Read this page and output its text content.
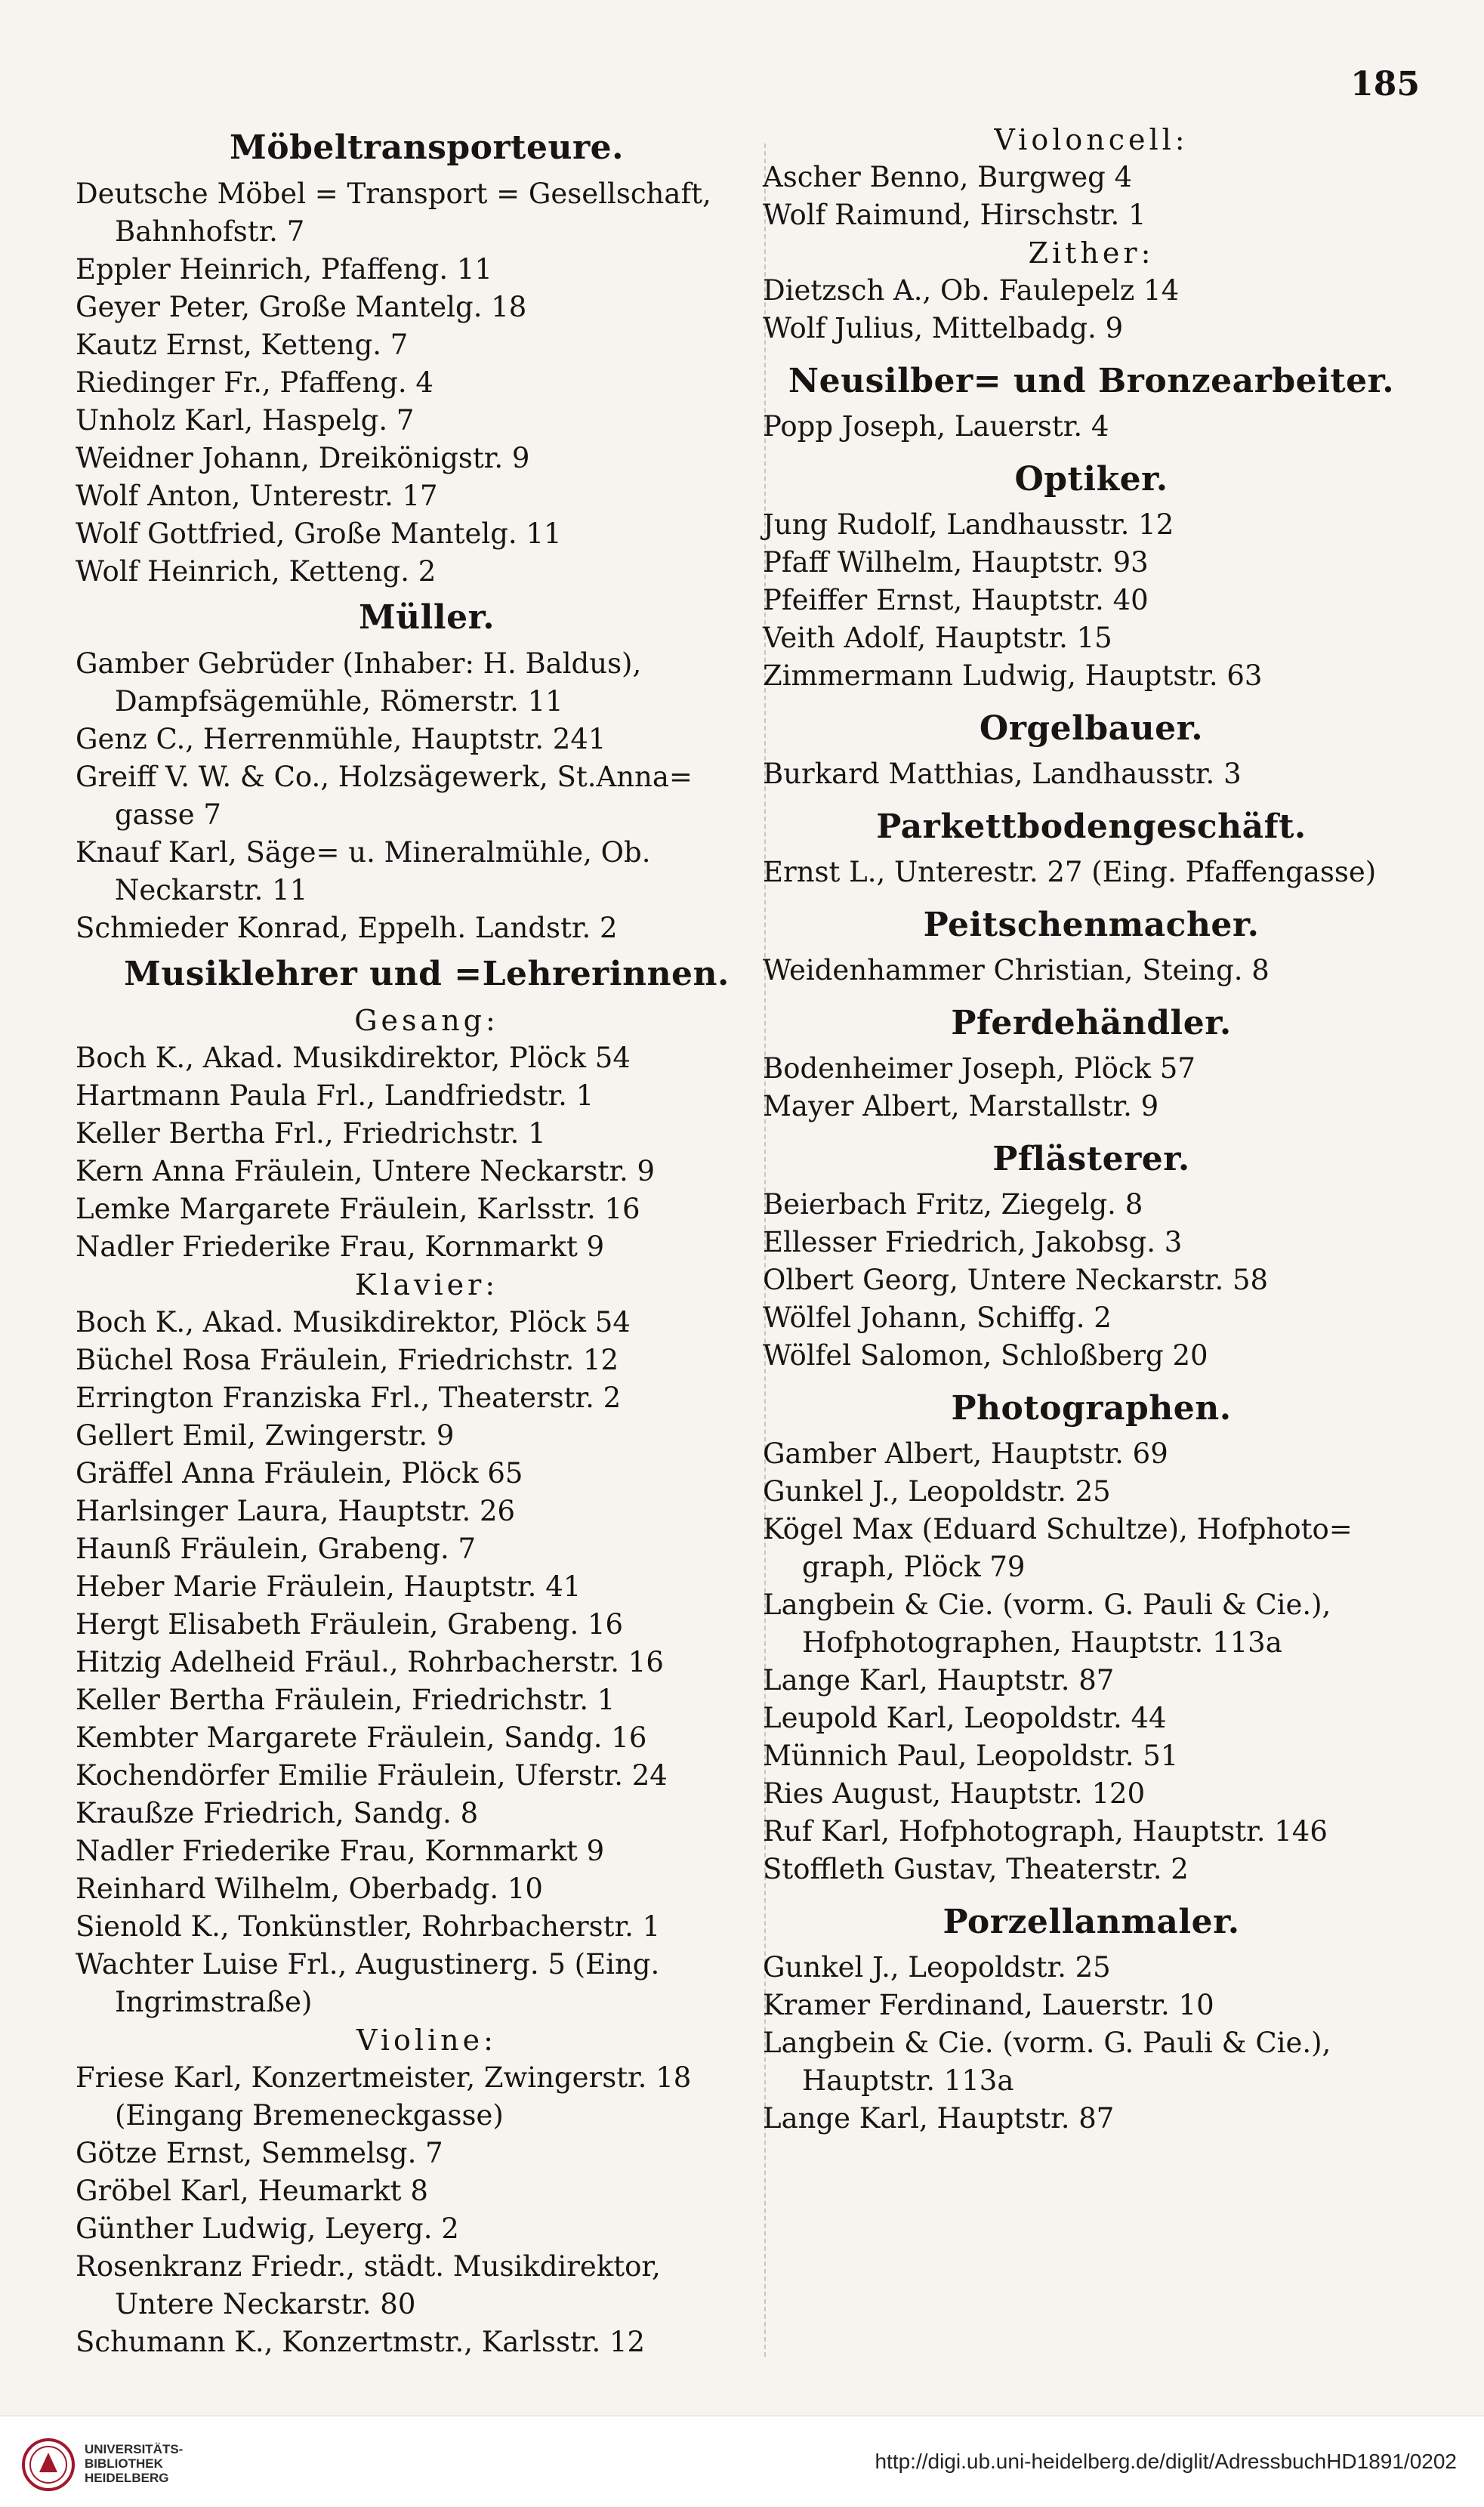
185
Möbeltransporteure.
Deutsche Möbel = Transport = Gesellschaft,
Bahnhofstr. 7
Eppler Heinrich, Pfaffeng. 11
Geyer Peter, Große Mantelg. 18
Kautz Ernst, Ketteng. 7
Riedinger Fr., Pfaffeng. 4
Unholz Karl, Haspelg. 7
Weidner Johann, Dreikönigstr. 9
Wolf Anton, Unterestr. 17
Wolf Gottfried, Große Mantelg. 11
Wolf Heinrich, Ketteng. 2
Müller.
Gamber Gebrüder (Inhaber: H. Baldus),
Dampfsägemühle, Römerstr. 11
Genz C., Herrenmühle, Hauptstr. 241
Greiff V. W. & Co., Holzsägewerk, St.Anna=
gasse 7
Knauf Karl, Säge= u. Mineralmühle, Ob.
Neckarstr. 11
Schmieder Konrad, Eppelh. Landstr. 2
Musiklehrer und =Lehrerinnen.
Gesang:
Boch K., Akad. Musikdirektor, Plöck 54
Hartmann Paula Frl., Landfriedstr. 1
Keller Bertha Frl., Friedrichstr. 1
Kern Anna Fräulein, Untere Neckarstr. 9
Lemke Margarete Fräulein, Karlsstr. 16
Nadler Friederike Frau, Kornmarkt 9
Klavier:
Boch K., Akad. Musikdirektor, Plöck 54
Büchel Rosa Fräulein, Friedrichstr. 12
Errington Franziska Frl., Theaterstr. 2
Gellert Emil, Zwingerstr. 9
Gräffel Anna Fräulein, Plöck 65
Harlsinger Laura, Hauptstr. 26
Haunß Fräulein, Grabeng. 7
Heber Marie Fräulein, Hauptstr. 41
Hergt Elisabeth Fräulein, Grabeng. 16
Hitzig Adelheid Fräul., Rohrbacherstr. 16
Keller Bertha Fräulein, Friedrichstr. 1
Kembter Margarete Fräulein, Sandg. 16
Kochendörfer Emilie Fräulein, Uferstr. 24
Kraußze Friedrich, Sandg. 8
Nadler Friederike Frau, Kornmarkt 9
Reinhard Wilhelm, Oberbadg. 10
Sienold K., Tonkünstler, Rohrbacherstr. 1
Wachter Luise Frl., Augustinerg. 5 (Eing.
Ingrimstraße)
Violine:
Friese Karl, Konzertmeister, Zwingerstr. 18
(Eingang Bremeneckgasse)
Götze Ernst, Semmelsg. 7
Gröbel Karl, Heumarkt 8
Günther Ludwig, Leyerg. 2
Rosenkranz Friedr., städt. Musikdirektor,
Untere Neckarstr. 80
Schumann K., Konzertmstr., Karlsstr. 12
Violoncell:
Ascher Benno, Burgweg 4
Wolf Raimund, Hirschstr. 1
Zither:
Dietzsch A., Ob. Faulepelz 14
Wolf Julius, Mittelbadg. 9
Neusilber= und Bronzearbeiter.
Popp Joseph, Lauerstr. 4
Optiker.
Jung Rudolf, Landhausstr. 12
Pfaff Wilhelm, Hauptstr. 93
Pfeiffer Ernst, Hauptstr. 40
Veith Adolf, Hauptstr. 15
Zimmermann Ludwig, Hauptstr. 63
Orgelbauer.
Burkard Matthias, Landhausstr. 3
Parkettbodengeschäft.
Ernst L., Unterestr. 27 (Eing. Pfaffengasse)
Peitschenmacher.
Weidenhammer Christian, Steing. 8
Pferdehändler.
Bodenheimer Joseph, Plöck 57
Mayer Albert, Marstallstr. 9
Pflästerer.
Beierbach Fritz, Ziegelg. 8
Ellesser Friedrich, Jakobsg. 3
Olbert Georg, Untere Neckarstr. 58
Wölfel Johann, Schiffg. 2
Wölfel Salomon, Schloßberg 20
Photographen.
Gamber Albert, Hauptstr. 69
Gunkel J., Leopoldstr. 25
Kögel Max (Eduard Schultze), Hofphoto=
graph, Plöck 79
Langbein & Cie. (vorm. G. Pauli & Cie.),
Hofphotographen, Hauptstr. 113a
Lange Karl, Hauptstr. 87
Leupold Karl, Leopoldstr. 44
Münnich Paul, Leopoldstr. 51
Ries August, Hauptstr. 120
Ruf Karl, Hofphotograph, Hauptstr. 146
Stoffleth Gustav, Theaterstr. 2
Porzellanmaler.
Gunkel J., Leopoldstr. 25
Kramer Ferdinand, Lauerstr. 10
Langbein & Cie. (vorm. G. Pauli & Cie.),
Hauptstr. 113a
Lange Karl, Hauptstr. 87
UNIVERSITÄTS-
BIBLIOTHEK
HEIDELBERG
http://digi.ub.uni-heidelberg.de/diglit/AdressbuchHD1891/0202
